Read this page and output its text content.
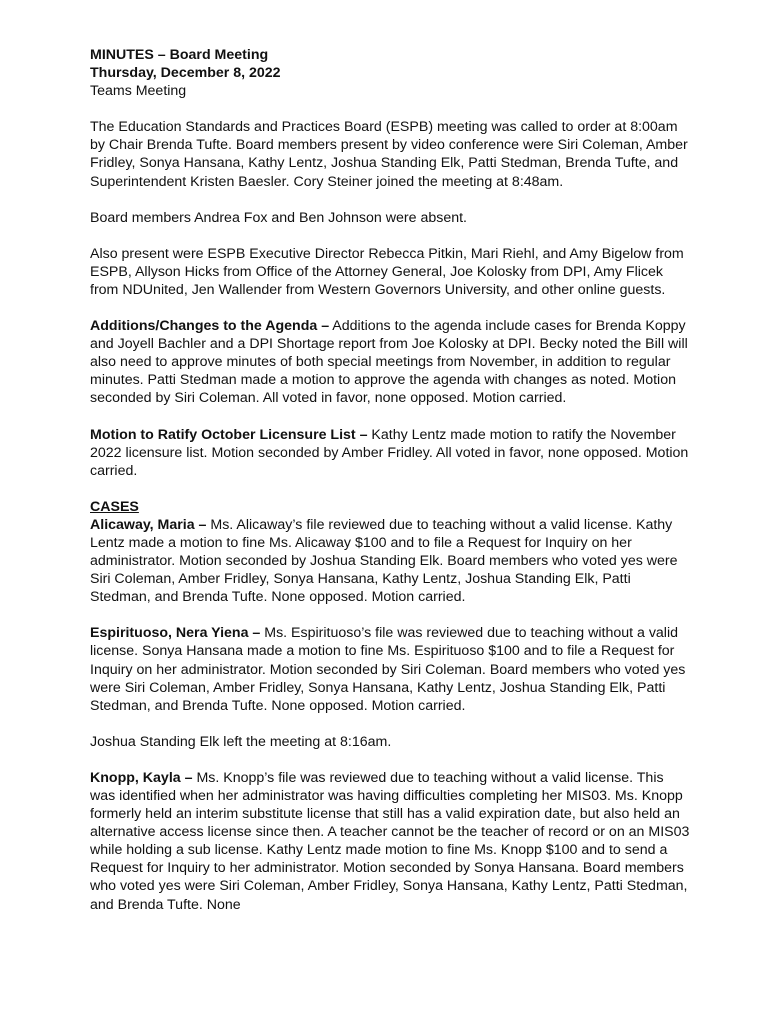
MINUTES – Board Meeting
Thursday, December 8, 2022
Teams Meeting

The Education Standards and Practices Board (ESPB) meeting was called to order at 8:00am by Chair Brenda Tufte. Board members present by video conference were Siri Coleman, Amber Fridley, Sonya Hansana, Kathy Lentz, Joshua Standing Elk, Patti Stedman, Brenda Tufte, and Superintendent Kristen Baesler. Cory Steiner joined the meeting at 8:48am.

Board members Andrea Fox and Ben Johnson were absent.

Also present were ESPB Executive Director Rebecca Pitkin, Mari Riehl, and Amy Bigelow from ESPB, Allyson Hicks from Office of the Attorney General, Joe Kolosky from DPI, Amy Flicek from NDUnited, Jen Wallender from Western Governors University, and other online guests.

Additions/Changes to the Agenda – Additions to the agenda include cases for Brenda Koppy and Joyell Bachler and a DPI Shortage report from Joe Kolosky at DPI. Becky noted the Bill will also need to approve minutes of both special meetings from November, in addition to regular minutes. Patti Stedman made a motion to approve the agenda with changes as noted. Motion seconded by Siri Coleman. All voted in favor, none opposed. Motion carried.

Motion to Ratify October Licensure List – Kathy Lentz made motion to ratify the November 2022 licensure list. Motion seconded by Amber Fridley. All voted in favor, none opposed. Motion carried.

CASES

Alicaway, Maria – Ms. Alicaway’s file reviewed due to teaching without a valid license. Kathy Lentz made a motion to fine Ms. Alicaway $100 and to file a Request for Inquiry on her administrator. Motion seconded by Joshua Standing Elk. Board members who voted yes were Siri Coleman, Amber Fridley, Sonya Hansana, Kathy Lentz, Joshua Standing Elk, Patti Stedman, and Brenda Tufte. None opposed. Motion carried.

Espirituoso, Nera Yiena – Ms. Espirituoso’s file was reviewed due to teaching without a valid license. Sonya Hansana made a motion to fine Ms. Espirituoso $100 and to file a Request for Inquiry on her administrator. Motion seconded by Siri Coleman. Board members who voted yes were Siri Coleman, Amber Fridley, Sonya Hansana, Kathy Lentz, Joshua Standing Elk, Patti Stedman, and Brenda Tufte. None opposed. Motion carried.

Joshua Standing Elk left the meeting at 8:16am.

Knopp, Kayla – Ms. Knopp’s file was reviewed due to teaching without a valid license. This was identified when her administrator was having difficulties completing her MIS03. Ms. Knopp formerly held an interim substitute license that still has a valid expiration date, but also held an alternative access license since then. A teacher cannot be the teacher of record or on an MIS03 while holding a sub license. Kathy Lentz made motion to fine Ms. Knopp $100 and to send a Request for Inquiry to her administrator. Motion seconded by Sonya Hansana. Board members who voted yes were Siri Coleman, Amber Fridley, Sonya Hansana, Kathy Lentz, Patti Stedman, and Brenda Tufte. None
